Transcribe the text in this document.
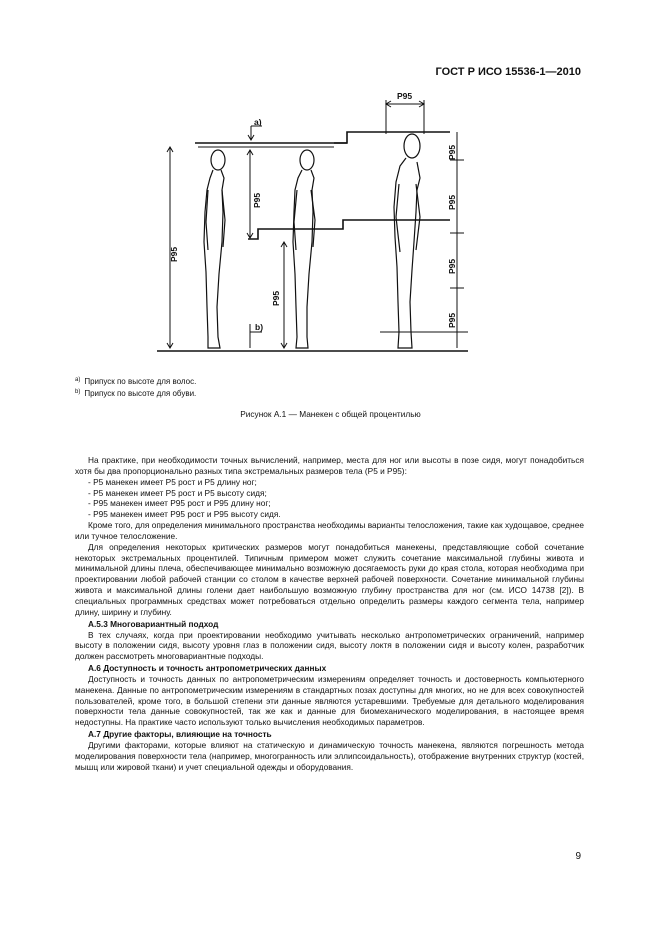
ГОСТ Р ИСО 15536-1—2010
a)
b)
P95
P95
P95
P95
P95
P95
P95
P95
$^{a)}$ Припуск по высоте для волос.
$^{b)}$ Припуск по высоте для обуви.
Рисунок А.1 — Манекен с общей процентилью

На практике, при необходимости точных вычислений, например, места для ног или высоты в позе сидя, могут понадобиться хотя бы два пропорционально разных типа экстремальных размеров тела (P5 и P95):

- P5 манекен имеет P5 рост и P5 длину ног;

- P5 манекен имеет P5 рост и P5 высоту сидя;

- P95 манекен имеет P95 рост и P95 длину ног;

- P95 манекен имеет P95 рост и P95 высоту сидя.

Кроме того, для определения минимального пространства необходимы варианты телосложения, такие как худощавое, среднее или тучное телосложение.

Для определения некоторых критических размеров могут понадобиться манекены, представляющие собой сочетание некоторых экстремальных процентилей. Типичным примером может служить сочетание максимальной глубины живота и минимальной длины плеча, обеспечивающее минимально возможную досягаемость руки до края стола, которая необходима при проектировании любой рабочей станции со столом в качестве верхней рабочей поверхности. Сочетание минимальной глубины живота и максимальной длины голени дает наибольшую возможную глубину пространства для ног (см. ИСО 14738 [2]). В специальных программных средствах может потребоваться отдельно определить размеры каждого сегмента тела, например длину, ширину и глубину.

А.5.3 Многовариантный подход

В тех случаях, когда при проектировании необходимо учитывать несколько антропометрических ограничений, например высоту в положении сидя, высоту уровня глаз в положении сидя, высоту локтя в положении сидя и высоту колен, разработчик должен рассмотреть многовариантные подходы.

А.6 Доступность и точность антропометрических данных

Доступность и точность данных по антропометрическим измерениям определяет точность и достоверность компьютерного манекена. Данные по антропометрическим измерениям в стандартных позах доступны для многих, но не для всех совокупностей пользователей, кроме того, в большой степени эти данные являются устаревшими. Требуемые для детального моделирования поверхности тела данные совокупностей, так же как и данные для биомеханического моделирования, в настоящее время недоступны. На практике часто используют только вычисления необходимых параметров.

А.7 Другие факторы, влияющие на точность

Другими факторами, которые влияют на статическую и динамическую точность манекена, являются погрешность метода моделирования поверхности тела (например, многогранность или эллипсоидальность), отображение внутренних структур (костей, мышц или жировой ткани) и учет специальной одежды и оборудования.

9
